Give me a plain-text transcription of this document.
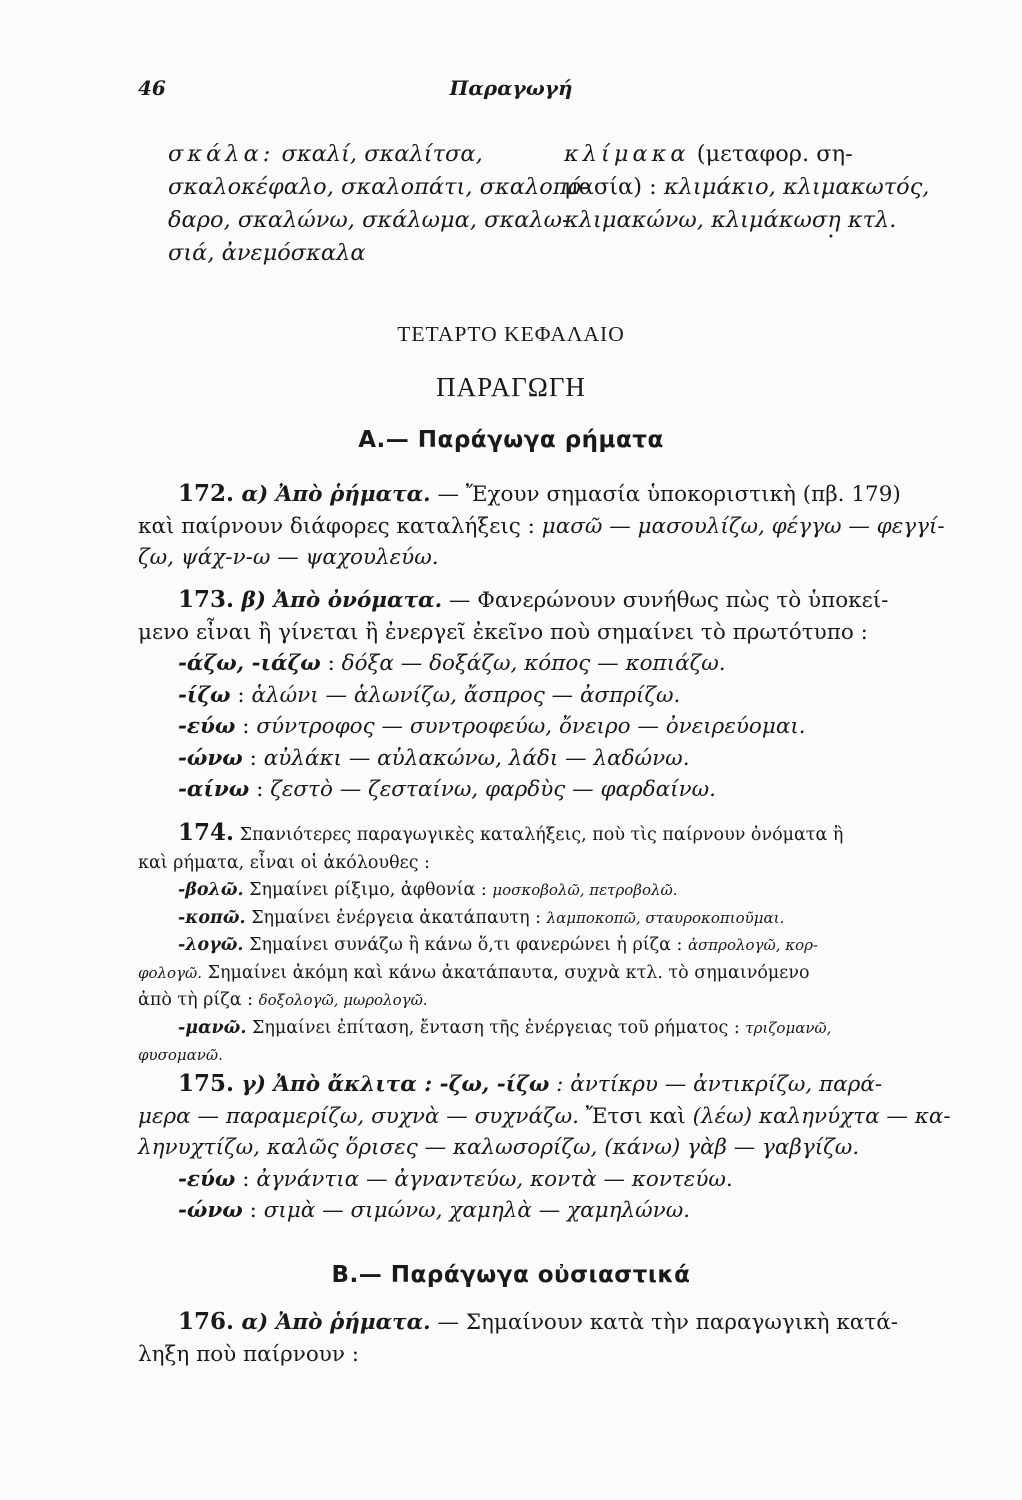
46	Παραγωγή

σκάλα: σκαλί, σκαλίτσα,

σκαλοκέφαλο, σκαλοπάτι, σκαλοπό-

δαρο, σκαλώνω, σκάλωμα, σκαλω-

σιά, ἀνεμόσκαλα

κλίμακα (μεταφορ. ση-

μασία) : κλιμάκιο, κλιμακωτός,

κλιμακώνω, κλιμάκωση κτλ.

•
ΤΕΤΑΡΤΟ ΚΕΦΑΛΑΙΟ
ΠΑΡΑΓΩΓΗ
Α.— Παράγωγα ρήματα

172. α) Ἀπὸ ῥήματα. — Ἔχουν σημασία ὑποκοριστικὴ (πβ. 179)

καὶ παίρνουν διάφορες καταλήξεις : μασῶ — μασουλίζω, φέγγω — φεγγί-

ζω, ψάχ-ν-ω — ψαχουλεύω.

173. β) Ἀπὸ ὀνόματα. — Φανερώνουν συνήθως πὼς τὸ ὑποκεί-

μενο εἶναι ἢ γίνεται ἢ ἐνεργεῖ ἐκεῖνο ποὺ σημαίνει τὸ πρωτότυπο :

-άζω, -ιάζω : δόξα — δοξάζω, κόπος — κοπιάζω.

-ίζω : ἁλώνι — ἁλωνίζω, ἄσπρος — ἀσπρίζω.

-εύω : σύντροφος — συντροφεύω, ὄνειρο — ὀνειρεύομαι.

-ώνω : αὐλάκι — αὐλακώνω, λάδι — λαδώνω.

-αίνω : ζεστὸ — ζεσταίνω, φαρδὺς — φαρδαίνω.

174. Σπανιότερες παραγωγικὲς καταλήξεις, ποὺ τὶς παίρνουν ὀνόματα ἢ

καὶ ρήματα, εἶναι οἱ ἀκόλουθες :

-βολῶ. Σημαίνει ρίξιμο, ἀφθονία : μοσκοβολῶ, πετροβολῶ.

-κοπῶ. Σημαίνει ἐνέργεια ἀκατάπαυτη : λαμποκοπῶ, σταυροκοπιοῦμαι.

-λογῶ. Σημαίνει συνάζω ἢ κάνω ὅ,τι φανερώνει ἡ ρίζα : ἀσπρολογῶ, κορ-

φολογῶ. Σημαίνει ἀκόμη καὶ κάνω ἀκατάπαυτα, συχνὰ κτλ. τὸ σημαινόμενο

ἀπὸ τὴ ρίζα : δοξολογῶ, μωρολογῶ.

-μανῶ. Σημαίνει ἐπίταση, ἔνταση τῆς ἐνέργειας τοῦ ρήματος : τριζομανῶ,

φυσομανῶ.

175. γ) Ἀπὸ ἄκλιτα : -ζω, -ίζω : ἀντίκρυ — ἀντικρίζω, παρά-

μερα — παραμερίζω, συχνὰ — συχνάζω. Ἔτσι καὶ (λέω) καληνύχτα — κα-

ληνυχτίζω, καλῶς ὅρισες — καλωσορίζω, (κάνω) γὰβ — γαβγίζω.

-εύω : ἀγνάντια — ἀγναντεύω, κοντὰ — κοντεύω.

-ώνω : σιμὰ — σιμώνω, χαμηλὰ — χαμηλώνω.

Β.— Παράγωγα οὐσιαστικά

176. α) Ἀπὸ ῥήματα. — Σημαίνουν κατὰ τὴν παραγωγικὴ κατά-

ληξη ποὺ παίρνουν :
